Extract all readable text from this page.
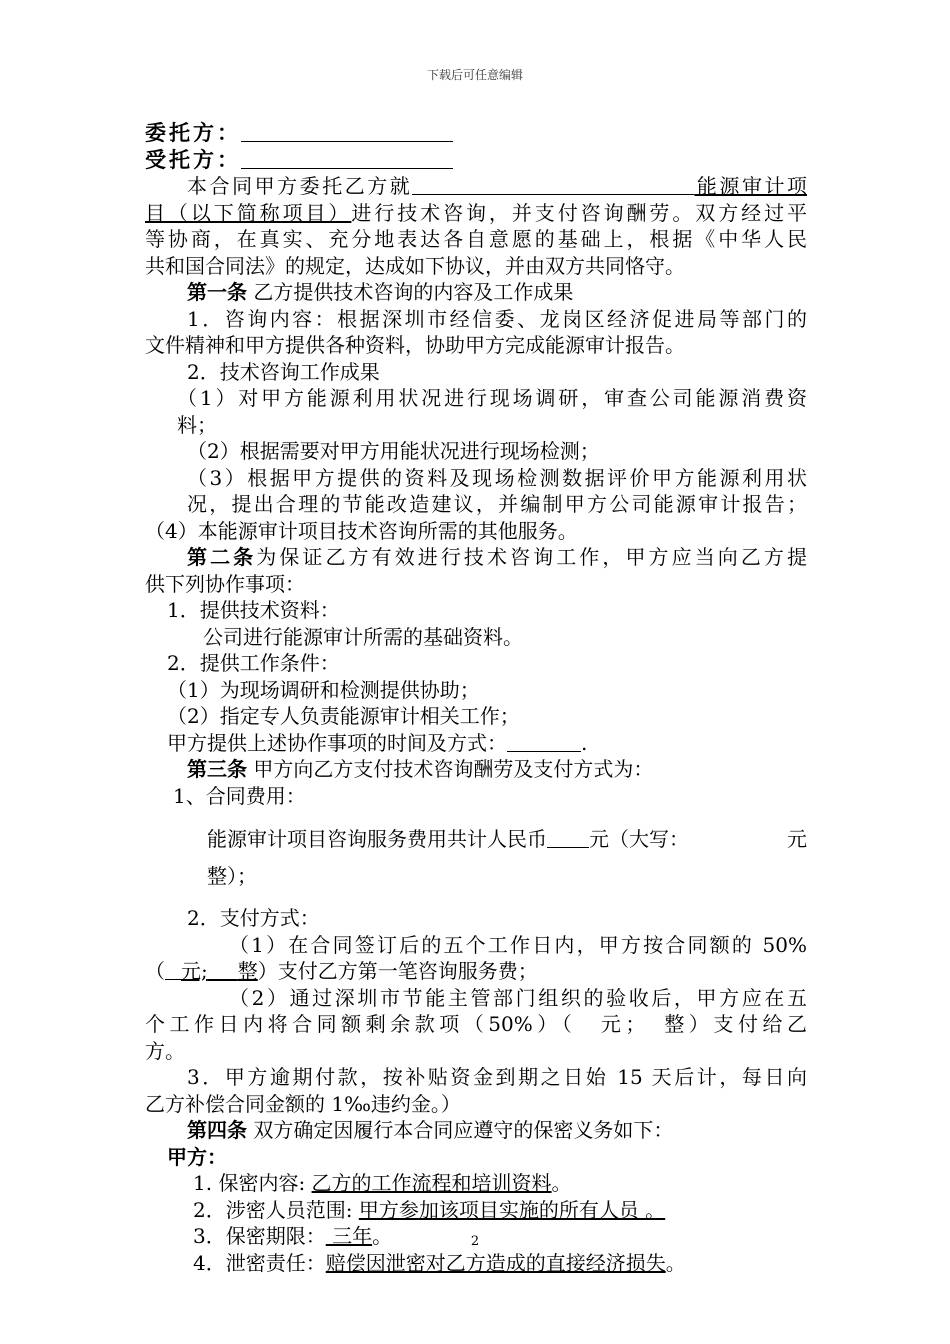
下载后可任意编辑
委托方：
受托方：
本合同甲方委托乙方就	能源审计项
目（以下简称项目）进行技术咨询，并支付咨询酬劳。双方经过平
等协商，在真实、充分地表达各自意愿的基础上，根据《中华人民
共和国合同法》的规定，达成如下协议，并由双方共同恪守。
第一条 乙方提供技术咨询的内容及工作成果
1．咨询内容：根据深圳市经信委、龙岗区经济促进局等部门的
文件精神和甲方提供各种资料，协助甲方完成能源审计报告。
2．技术咨询工作成果
（1）对甲方能源利用状况进行现场调研，审查公司能源消费资
料；
（2）根据需要对甲方用能状况进行现场检测；
（3）根据甲方提供的资料及现场检测数据评价甲方能源利用状
况，提出合理的节能改造建议，并编制甲方公司能源审计报告；
（4）本能源审计项目技术咨询所需的其他服务。
第二条为保证乙方有效进行技术咨询工作，甲方应当向乙方提
供下列协作事项：
1．提供技术资料：
公司进行能源审计所需的基础资料。
2．提供工作条件：
（1）为现场调研和检测提供协助；
（2）指定专人负责能源审计相关工作；
甲方提供上述协作事项的时间及方式：	.
第三条 甲方向乙方支付技术咨询酬劳及支付方式为：
1、合同费用：
能源审计项目咨询服务费用共计人民币 元（大写：	元
整）；
2．支付方式：
（1）在合同签订后的五个工作日内，甲方按合同额的 50%
（ 元;   整）支付乙方第一笔咨询服务费；
（2）通过深圳市节能主管部门组织的验收后，甲方应在五
个工作日内将合同额剩余款项（50%）（　元；　整）支付给乙
方。
3．甲方逾期付款，按补贴资金到期之日始 15 天后计，每日向
乙方补偿合同金额的 1‰违约金。）
第四条 双方确定因履行本合同应遵守的保密义务如下：
甲方：
1. 保密内容: 乙方的工作流程和培训资料。
2．涉密人员范围: 甲方参加该项目实施的所有人员 。
3．保密期限： 三年。
4．泄密责任：赔偿因泄密对乙方造成的直接经济损失。
2
